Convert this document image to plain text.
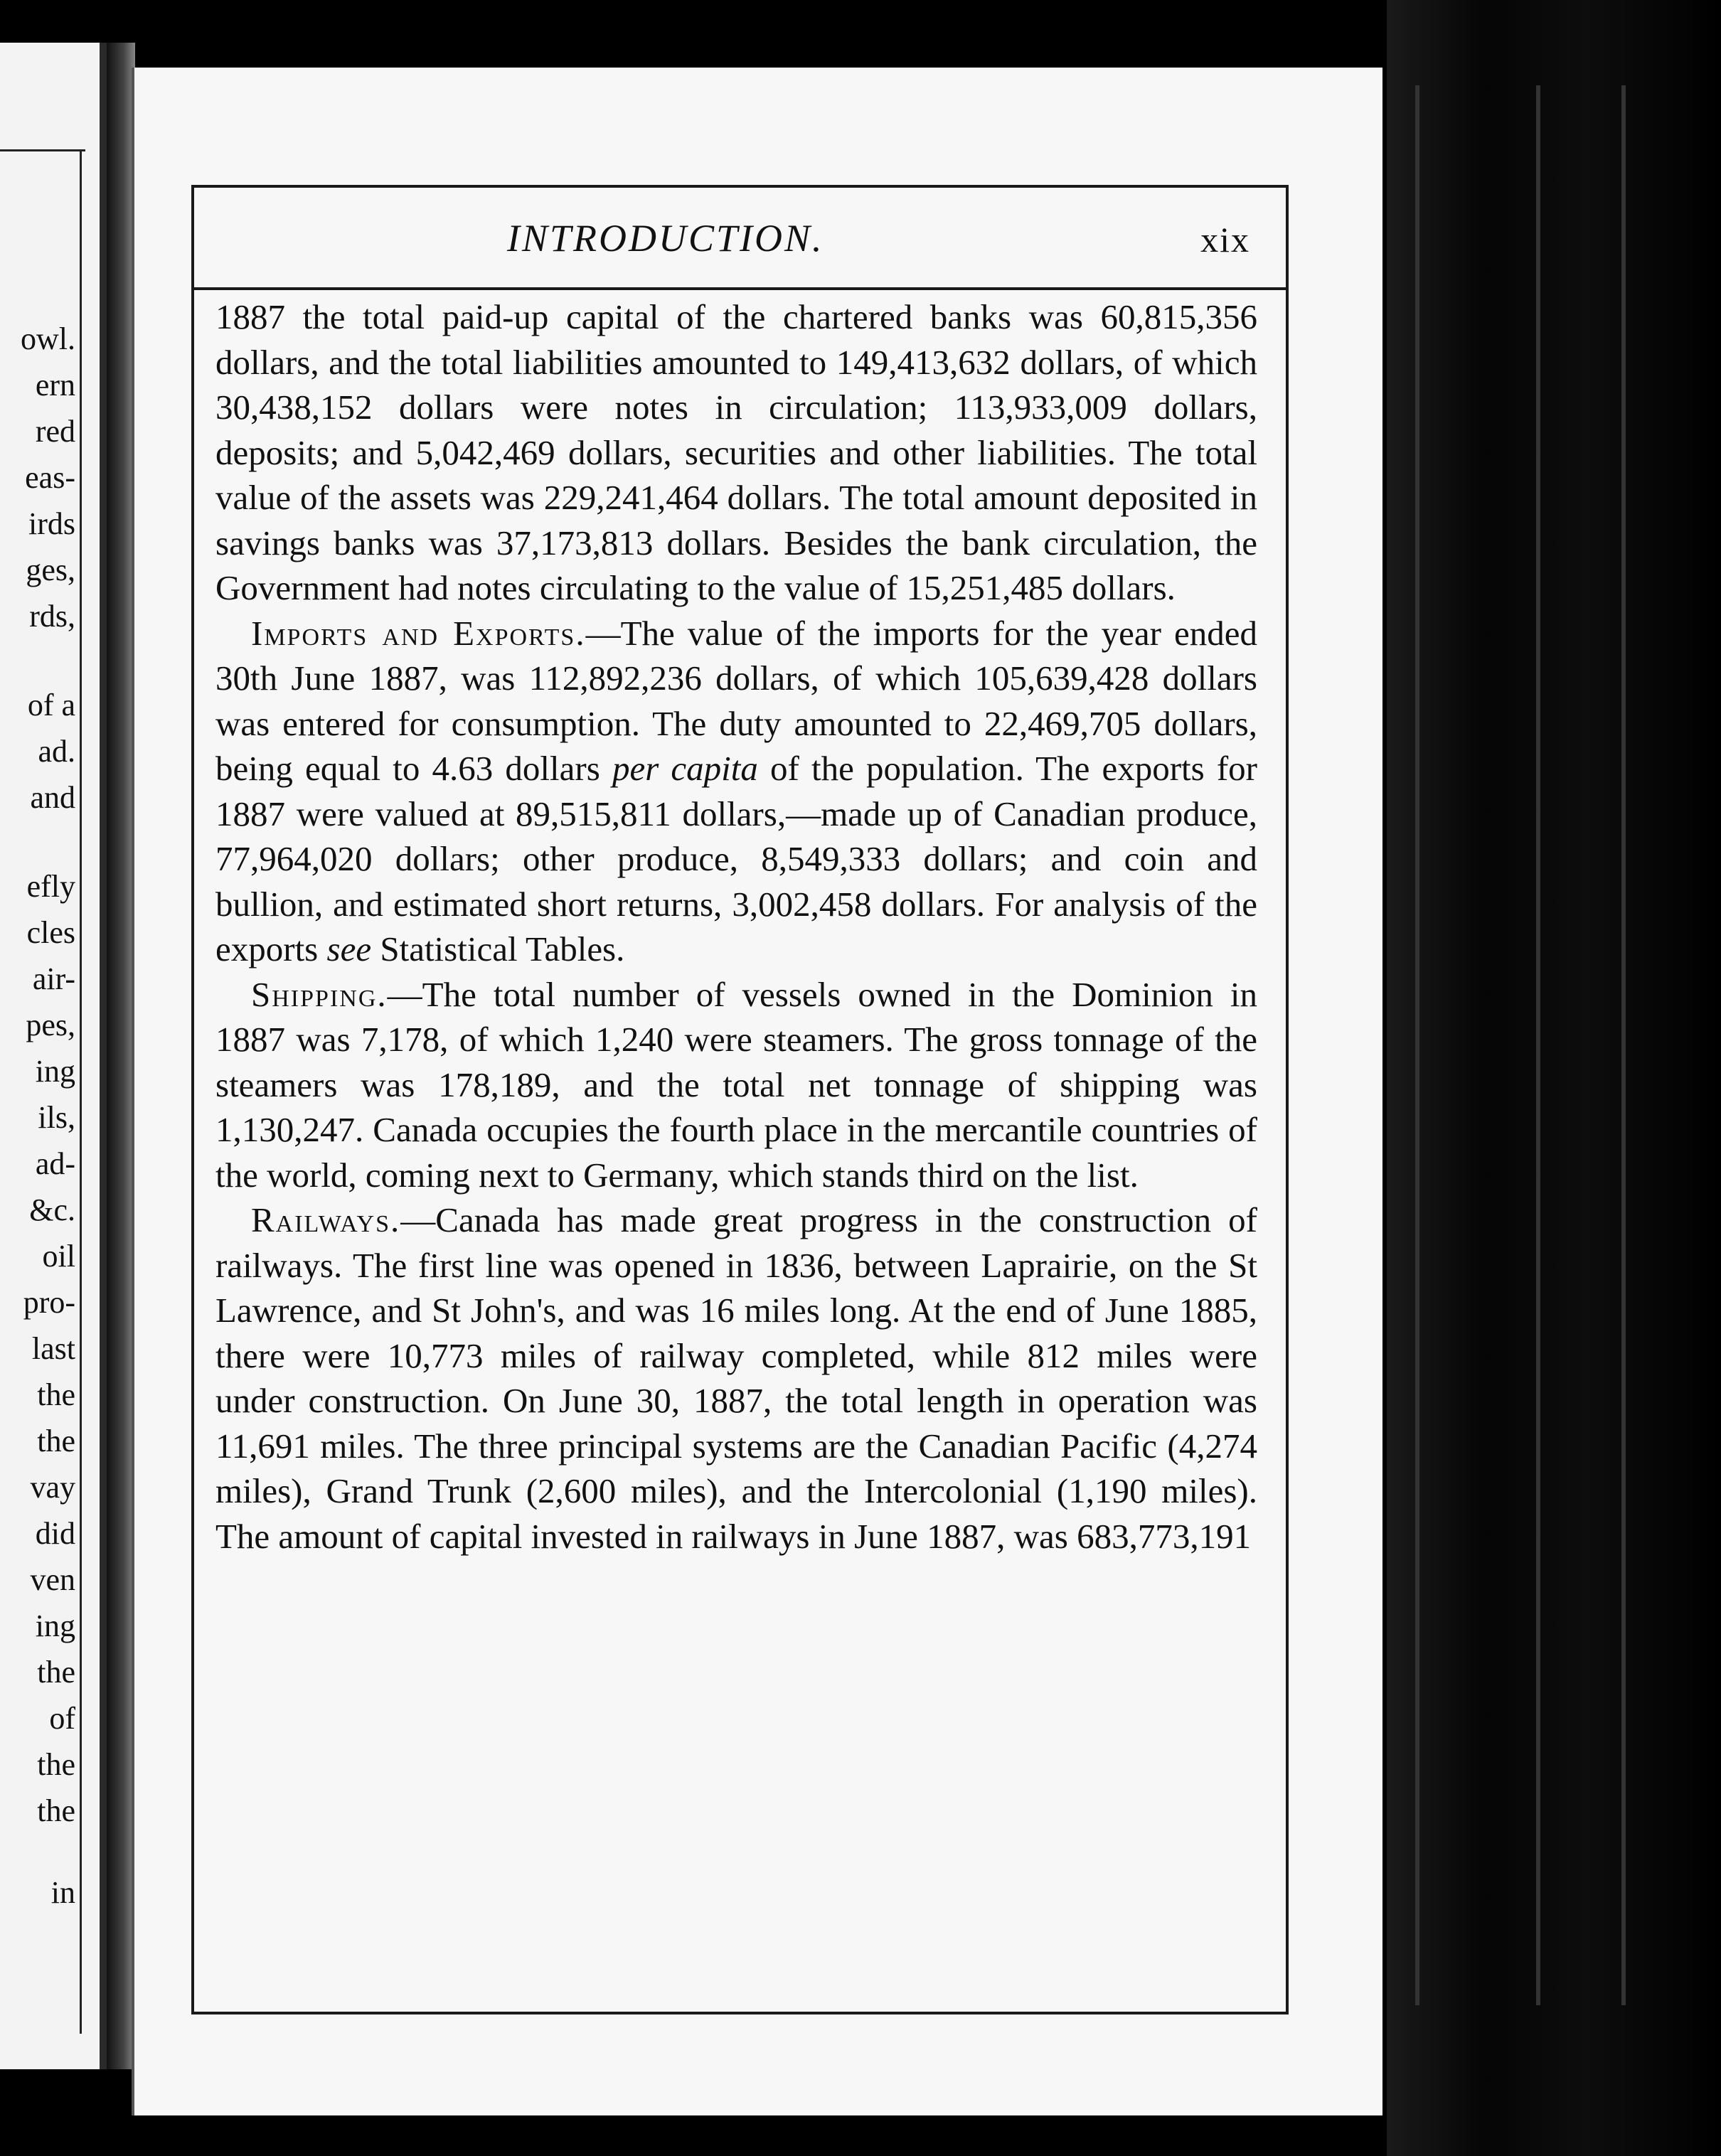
owl.
ern
red
eas-
irds
ges,
rds,
of a
ad.
and
efly
cles
air-
pes,
ing
ils,
ad-
&c.
oil
pro-
last
the
the
vay
did
ven
ing
the
of
the
the
in
INTRODUCTION.	xix

1887 the total paid-up capital of the chartered banks was 60,815,356 dollars, and the total liabilities amounted to 149,413,632 dollars, of which 30,438,152 dollars were notes in circulation; 113,933,009 dollars, deposits; and 5,042,469 dollars, securities and other liabilities. The total value of the assets was 229,241,464 dollars. The total amount deposited in savings banks was 37,173,813 dollars. Besides the bank circulation, the Government had notes circulating to the value of 15,251,485 dollars.

Imports and Exports.—The value of the imports for the year ended 30th June 1887, was 112,892,236 dollars, of which 105,639,428 dollars was entered for consumption. The duty amounted to 22,469,705 dollars, being equal to 4.63 dollars per capita of the population. The exports for 1887 were valued at 89,515,811 dollars,—made up of Canadian produce, 77,964,020 dollars; other produce, 8,549,333 dollars; and coin and bullion, and estimated short returns, 3,002,458 dollars. For analysis of the exports see Statistical Tables.

Shipping.—The total number of vessels owned in the Dominion in 1887 was 7,178, of which 1,240 were steamers. The gross tonnage of the steamers was 178,189, and the total net tonnage of shipping was 1,130,247. Canada occupies the fourth place in the mercantile countries of the world, coming next to Germany, which stands third on the list.

Railways.—Canada has made great progress in the construction of railways. The first line was opened in 1836, between Laprairie, on the St Lawrence, and St John's, and was 16 miles long. At the end of June 1885, there were 10,773 miles of railway completed, while 812 miles were under construction. On June 30, 1887, the total length in operation was 11,691 miles. The three principal systems are the Canadian Pacific (4,274 miles), Grand Trunk (2,600 miles), and the Intercolonial (1,190 miles). The amount of capital invested in railways in June 1887, was 683,773,191
